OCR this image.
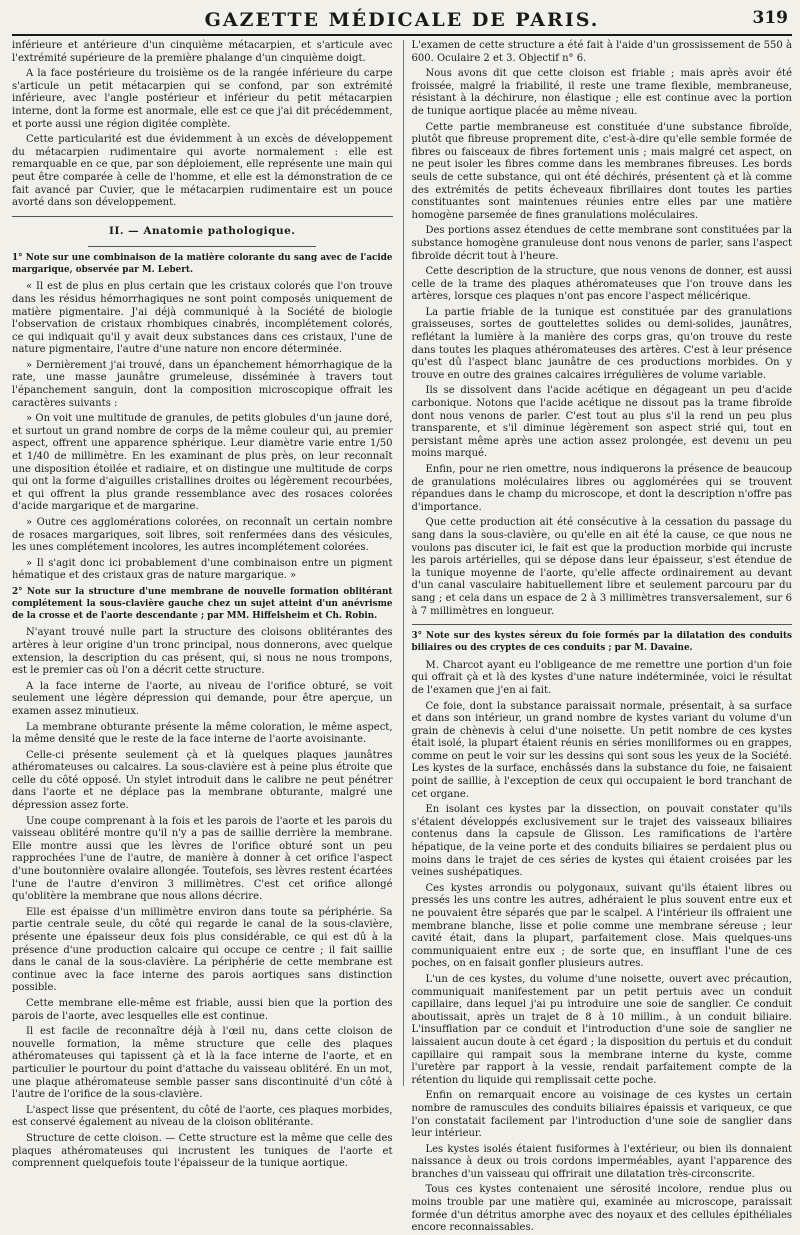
GAZETTE MÉDICALE DE PARIS.	319

inférieure et antérieure d'un cinquième métacarpien, et s'articule avec l'extrémité supérieure de la première phalange d'un cinquième doigt.

A la face postérieure du troisième os de la rangée inférieure du carpe s'articule un petit métacarpien qui se confond, par son extrémité inférieure, avec l'angle postérieur et inférieur du petit métacarpien interne, dont la forme est anormale, elle est ce que j'ai dit précédemment, et porte aussi une région digitée complète.

Cette particularité est due évidemment à un excès de développement du métacarpien rudimentaire qui avorte normalement : elle est remarquable en ce que, par son déploiement, elle représente une main qui peut être comparée à celle de l'homme, et elle est la démonstration de ce fait avancé par Cuvier, que le métacarpien rudimentaire est un pouce avorté dans son développement.

II. — Anatomie pathologique.
1° Note sur une combinaison de la matière colorante du sang avec de l'acide margarique, observée par M. Lebert.

« Il est de plus en plus certain que les cristaux colorés que l'on trouve dans les résidus hémorrhagiques ne sont point composés uniquement de matière pigmentaire. J'ai déjà communiqué à la Société de biologie l'observation de cristaux rhombiques cinabrés, incomplétement colorés, ce qui indiquait qu'il y avait deux substances dans ces cristaux, l'une de nature pigmentaire, l'autre d'une nature non encore déterminée.

» Dernièrement j'ai trouvé, dans un épanchement hémorrhagique de la rate, une masse jaunâtre grumeleuse, disséminée à travers tout l'épanchement sanguin, dont la composition microscopique offrait les caractères suivants :

» On voit une multitude de granules, de petits globules d'un jaune doré, et surtout un grand nombre de corps de la même couleur qui, au premier aspect, offrent une apparence sphérique. Leur diamètre varie entre 1/50 et 1/40 de millimètre. En les examinant de plus près, on leur reconnaît une disposition étoilée et radiaire, et on distingue une multitude de corps qui ont la forme d'aiguilles cristallines droites ou légèrement recourbées, et qui offrent la plus grande ressemblance avec des rosaces colorées d'acide margarique et de margarine.

» Outre ces agglomérations colorées, on reconnaît un certain nombre de rosaces margariques, soit libres, soit renfermées dans des vésicules, les unes complétement incolores, les autres incomplétement colorées.

» Il s'agit donc ici probablement d'une combinaison entre un pigment hématique et des cristaux gras de nature margarique. »

2° Note sur la structure d'une membrane de nouvelle formation oblitérant complétement la sous-clavière gauche chez un sujet atteint d'un anévrisme de la crosse et de l'aorte descendante ; par MM. Hiffelsheim et Ch. Robin.

N'ayant trouvé nulle part la structure des cloisons oblitérantes des artères à leur origine d'un tronc principal, nous donnerons, avec quelque extension, la description du cas présent, qui, si nous ne nous trompons, est le premier cas où l'on a décrit cette structure.

A la face interne de l'aorte, au niveau de l'orifice obturé, se voit seulement une légère dépression qui demande, pour être aperçue, un examen assez minutieux.

La membrane obturante présente la même coloration, le même aspect, la même densité que le reste de la face interne de l'aorte avoisinante.

Celle-ci présente seulement çà et là quelques plaques jaunâtres athéromateuses ou calcaires. La sous-clavière est à peine plus étroite que celle du côté opposé. Un stylet introduit dans le calibre ne peut pénétrer dans l'aorte et ne déplace pas la membrane obturante, malgré une dépression assez forte.

Une coupe comprenant à la fois et les parois de l'aorte et les parois du vaisseau oblitéré montre qu'il n'y a pas de saillie derrière la membrane. Elle montre aussi que les lèvres de l'orifice obturé sont un peu rapprochées l'une de l'autre, de manière à donner à cet orifice l'aspect d'une boutonnière ovalaire allongée. Toutefois, ses lèvres restent écartées l'une de l'autre d'environ 3 millimètres. C'est cet orifice allongé qu'oblitère la membrane que nous allons décrire.

Elle est épaisse d'un millimètre environ dans toute sa périphérie. Sa partie centrale seule, du côté qui regarde le canal de la sous-clavière, présente une épaisseur deux fois plus considérable, ce qui est dû à la présence d'une production calcaire qui occupe ce centre ; il fait saillie dans le canal de la sous-clavière. La périphérie de cette membrane est continue avec la face interne des parois aortiques sans distinction possible.

Cette membrane elle-même est friable, aussi bien que la portion des parois de l'aorte, avec lesquelles elle est continue.

Il est facile de reconnaître déjà à l'œil nu, dans cette cloison de nouvelle formation, la même structure que celle des plaques athéromateuses qui tapissent çà et là la face interne de l'aorte, et en particulier le pourtour du point d'attache du vaisseau oblitéré. En un mot, une plaque athéromateuse semble passer sans discontinuité d'un côté à l'autre de l'orifice de la sous-clavière.

L'aspect lisse que présentent, du côté de l'aorte, ces plaques morbides, est conservé également au niveau de la cloison oblitérante.

Structure de cette cloison. — Cette structure est la même que celle des plaques athéromateuses qui incrustent les tuniques de l'aorte et comprennent quelquefois toute l'épaisseur de la tunique aortique.

L'examen de cette structure a été fait à l'aide d'un grossissement de 550 à 600. Oculaire 2 et 3. Objectif n° 6.

Nous avons dit que cette cloison est friable ; mais après avoir été froissée, malgré la friabilité, il reste une trame flexible, membraneuse, résistant à la déchirure, non élastique ; elle est continue avec la portion de tunique aortique placée au même niveau.

Cette partie membraneuse est constituée d'une substance fibroïde, plutôt que fibreuse proprement dite, c'est-à-dire qu'elle semble formée de fibres ou faisceaux de fibres fortement unis ; mais malgré cet aspect, on ne peut isoler les fibres comme dans les membranes fibreuses. Les bords seuls de cette substance, qui ont été déchirés, présentent çà et là comme des extrémités de petits écheveaux fibrillaires dont toutes les parties constituantes sont maintenues réunies entre elles par une matière homogène parsemée de fines granulations moléculaires.

Des portions assez étendues de cette membrane sont constituées par la substance homogène granuleuse dont nous venons de parler, sans l'aspect fibroïde décrit tout à l'heure.

Cette description de la structure, que nous venons de donner, est aussi celle de la trame des plaques athéromateuses que l'on trouve dans les artères, lorsque ces plaques n'ont pas encore l'aspect mélicérique.

La partie friable de la tunique est constituée par des granulations graisseuses, sortes de gouttelettes solides ou demi-solides, jaunâtres, reflétant la lumière à la manière des corps gras, qu'on trouve du reste dans toutes les plaques athéromateuses des artères. C'est à leur présence qu'est dû l'aspect blanc jaunâtre de ces productions morbides. On y trouve en outre des graines calcaires irrégulières de volume variable.

Ils se dissolvent dans l'acide acétique en dégageant un peu d'acide carbonique. Notons que l'acide acétique ne dissout pas la trame fibroïde dont nous venons de parler. C'est tout au plus s'il la rend un peu plus transparente, et s'il diminue légèrement son aspect strié qui, tout en persistant même après une action assez prolongée, est devenu un peu moins marqué.

Enfin, pour ne rien omettre, nous indiquerons la présence de beaucoup de granulations moléculaires libres ou agglomérées qui se trouvent répandues dans le champ du microscope, et dont la description n'offre pas d'importance.

Que cette production ait été consécutive à la cessation du passage du sang dans la sous-clavière, ou qu'elle en ait été la cause, ce que nous ne voulons pas discuter ici, le fait est que la production morbide qui incruste les parois artérielles, qui se dépose dans leur épaisseur, s'est étendue de la tunique moyenne de l'aorte, qu'elle affecte ordinairement au devant d'un canal vasculaire habituellement libre et seulement parcouru par du sang ; et cela dans un espace de 2 à 3 millimètres transversalement, sur 6 à 7 millimètres en longueur.

3° Note sur des kystes séreux du foie formés par la dilatation des conduits biliaires ou des cryptes de ces conduits ; par M. Davaine.

M. Charcot ayant eu l'obligeance de me remettre une portion d'un foie qui offrait çà et là des kystes d'une nature indéterminée, voici le résultat de l'examen que j'en ai fait.

Ce foie, dont la substance paraissait normale, présentait, à sa surface et dans son intérieur, un grand nombre de kystes variant du volume d'un grain de chènevis à celui d'une noisette. Un petit nombre de ces kystes était isolé, la plupart étaient réunis en séries moniliformes ou en grappes, comme on peut le voir sur les dessins qui sont sous les yeux de la Société. Les kystes de la surface, enchâssés dans la substance du foie, ne faisaient point de saillie, à l'exception de ceux qui occupaient le bord tranchant de cet organe.

En isolant ces kystes par la dissection, on pouvait constater qu'ils s'étaient développés exclusivement sur le trajet des vaisseaux biliaires contenus dans la capsule de Glisson. Les ramifications de l'artère hépatique, de la veine porte et des conduits biliaires se perdaient plus ou moins dans le trajet de ces séries de kystes qui étaient croisées par les veines sushépatiques.

Ces kystes arrondis ou polygonaux, suivant qu'ils étaient libres ou pressés les uns contre les autres, adhéraient le plus souvent entre eux et ne pouvaient être séparés que par le scalpel. A l'intérieur ils offraient une membrane blanche, lisse et polie comme une membrane séreuse ; leur cavité était, dans la plupart, parfaitement close. Mais quelques-uns communiquaient entre eux ; de sorte que, en insufflant l'une de ces poches, on en faisait gonfler plusieurs autres.

L'un de ces kystes, du volume d'une noisette, ouvert avec précaution, communiquait manifestement par un petit pertuis avec un conduit capillaire, dans lequel j'ai pu introduire une soie de sanglier. Ce conduit aboutissait, après un trajet de 8 à 10 millim., à un conduit biliaire. L'insufflation par ce conduit et l'introduction d'une soie de sanglier ne laissaient aucun doute à cet égard ; la disposition du pertuis et du conduit capillaire qui rampait sous la membrane interne du kyste, comme l'uretère par rapport à la vessie, rendait parfaitement compte de la rétention du liquide qui remplissait cette poche.

Enfin on remarquait encore au voisinage de ces kystes un certain nombre de ramuscules des conduits biliaires épaissis et variqueux, ce que l'on constatait facilement par l'introduction d'une soie de sanglier dans leur intérieur.

Les kystes isolés étaient fusiformes à l'extérieur, ou bien ils donnaient naissance à deux ou trois cordons imperméables, ayant l'apparence des branches d'un vaisseau qui offrirait une dilatation très-circonscrite.

Tous ces kystes contenaient une sérosité incolore, rendue plus ou moins trouble par une matière qui, examinée au microscope, paraissait formée d'un détritus amorphe avec des noyaux et des cellules épithéliales encore reconnaissables.
